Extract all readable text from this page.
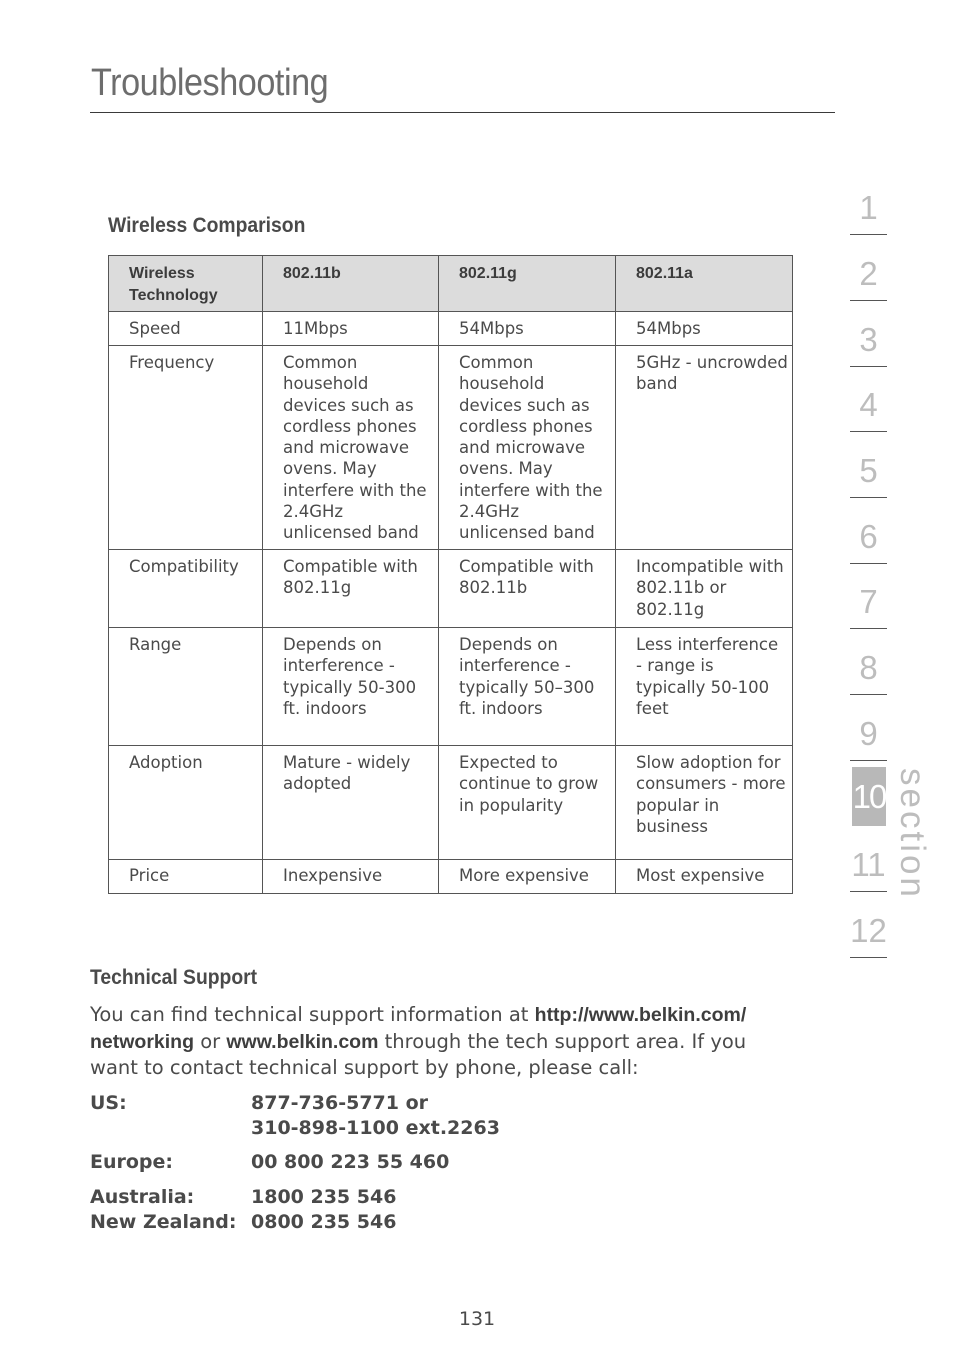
Troubleshooting
Wireless Comparison
Wireless Technology	802.11b	802.11g	802.11a
Speed	11Mbps	54Mbps	54Mbps
Frequency	Common household devices such as cordless phones and microwave ovens. May interfere with the 2.4GHz unlicensed band	Common household devices such as cordless phones and microwave ovens. May interfere with the 2.4GHz unlicensed band	5GHz - uncrowded band
Compatibility	Compatible with 802.11g	Compatible with 802.11b	Incompatible with 802.11b or 802.11g
Range	Depends on interference - typically 50-300 ft. indoors	Depends on interference - typically 50–300 ft. indoors	Less interference - range is typically 50-100 feet
Adoption	Mature - widely adopted	Expected to continue to grow in popularity	Slow adoption for consumers - more popular in business
Price	Inexpensive	More expensive	Most expensive
Technical Support
You can find technical support information at http://www.belkin.com/ networking or www.belkin.com through the tech support area. If you want to contact technical support by phone, please call:
US:	877-736-5771 or
310-898-1100 ext.2263
Europe:	00 800 223 55 460
Australia:	1800 235 546
New Zealand: 0800 235 546
131
1
2
3
4
5
6
7
8
9
10
11
12
section
